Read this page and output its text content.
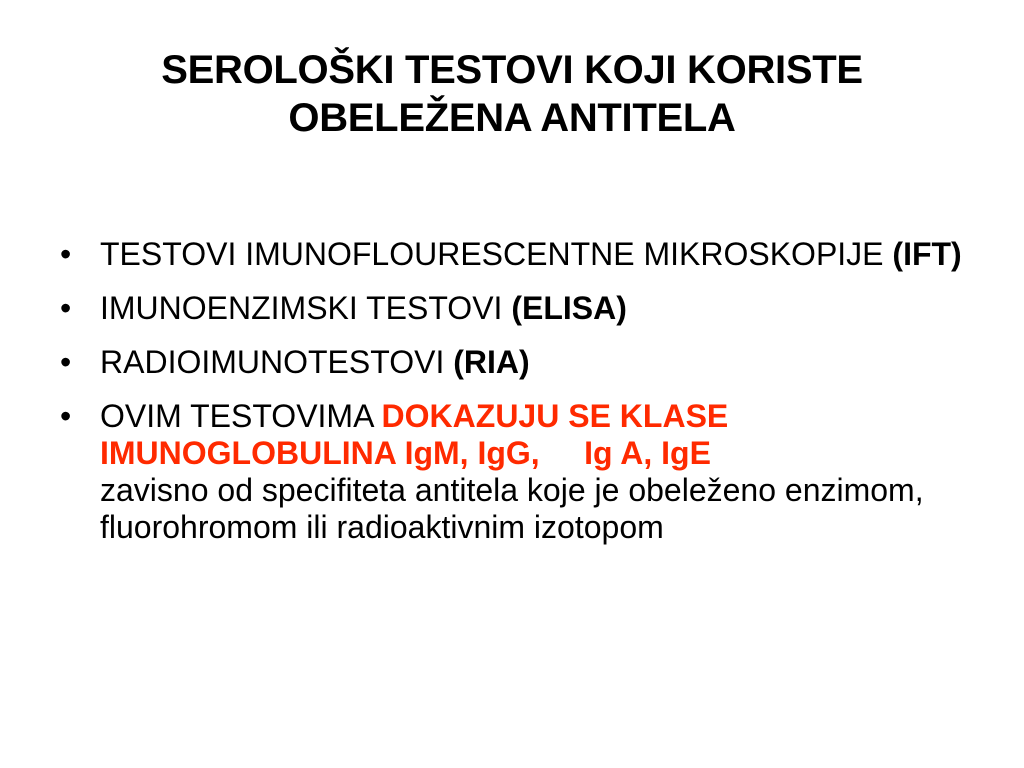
SEROLOŠKI TESTOVI KOJI KORISTE
OBELEŽENA ANTITELA
• TESTOVI IMUNOFLOURESCENTNE MIKROSKOPIJE (IFT)
• IMUNOENZIMSKI TESTOVI (ELISA)
• RADIOIMUNOTESTOVI (RIA)
• OVIM TESTOVIMA DOKAZUJU SE KLASE IMUNOGLOBULINA IgM, IgG, Ig A, IgE
zavisno od specifiteta antitela koje je obeleženo enzimom, fluorohromom ili radioaktivnim izotopom
